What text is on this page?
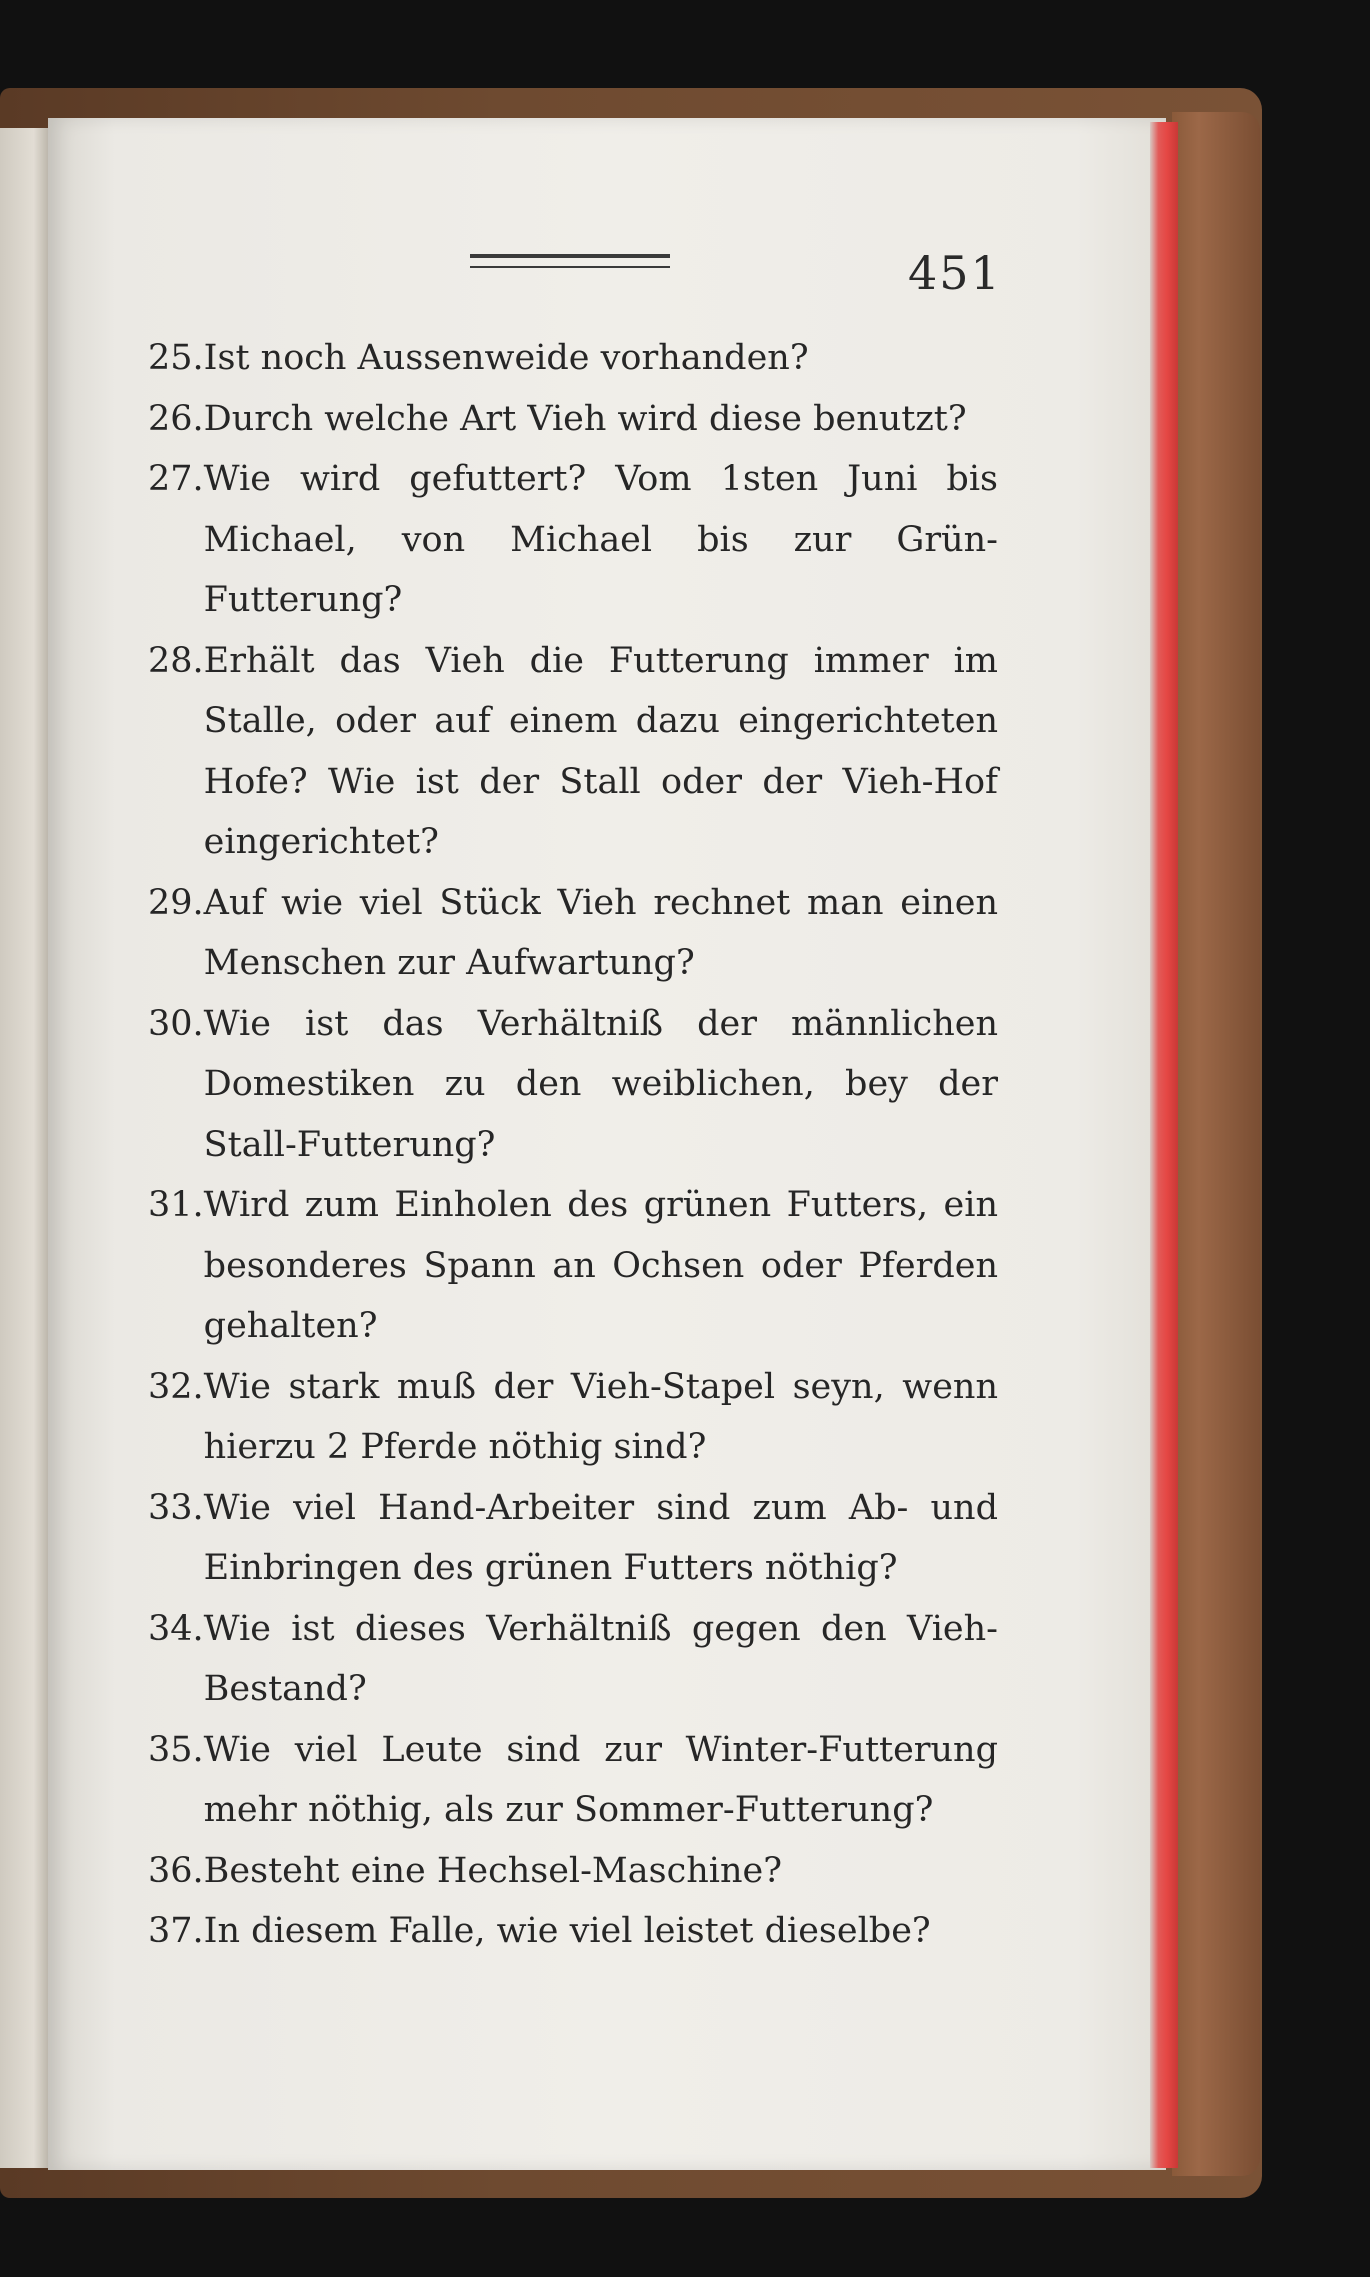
451
25. Ist noch Aussenweide vorhanden?
26. Durch welche Art Vieh wird diese benutzt?
27. Wie wird gefuttert? Vom 1sten Juni bis Michael, von Michael bis zur Grün-Futterung?
28. Erhält das Vieh die Futterung immer im Stalle, oder auf einem dazu eingerichteten Hofe? Wie ist der Stall oder der Vieh-Hof eingerichtet?
29. Auf wie viel Stück Vieh rechnet man einen Menschen zur Aufwartung?
30. Wie ist das Verhältniß der männlichen Domestiken zu den weiblichen, bey der Stall-Futterung?
31. Wird zum Einholen des grünen Futters, ein besonderes Spann an Ochsen oder Pferden gehalten?
32. Wie stark muß der Vieh-Stapel seyn, wenn hierzu 2 Pferde nöthig sind?
33. Wie viel Hand-Arbeiter sind zum Ab- und Einbringen des grünen Futters nöthig?
34. Wie ist dieses Verhältniß gegen den Vieh-Bestand?
35. Wie viel Leute sind zur Winter-Futterung mehr nöthig, als zur Sommer-Futterung?
36. Besteht eine Hechsel-Maschine?
37. In diesem Falle, wie viel leistet dieselbe?
